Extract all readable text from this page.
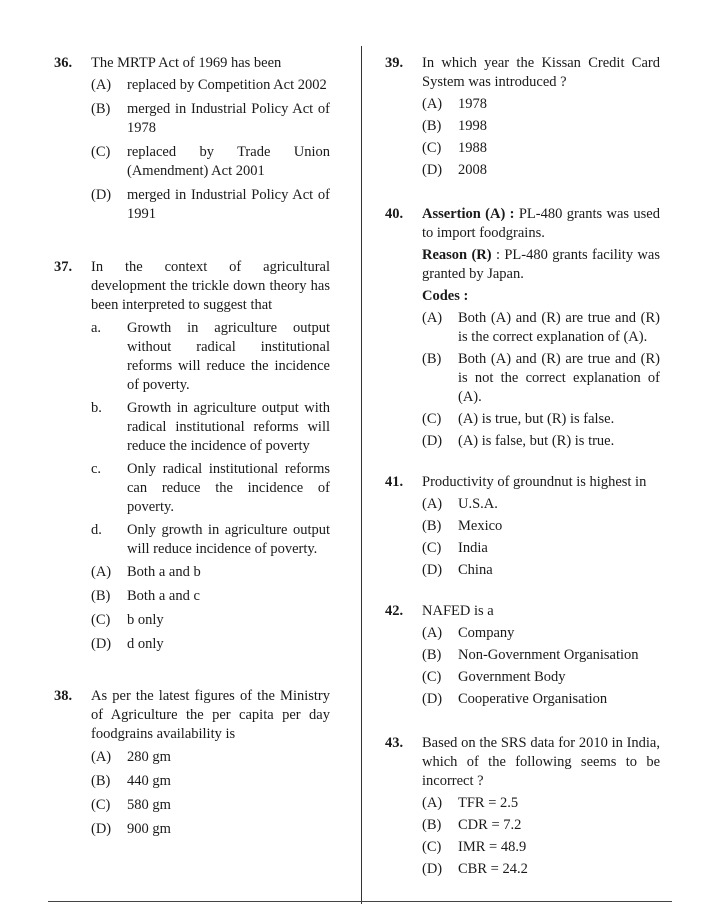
36. The MRTP Act of 1969 has been
(A)	replaced by Competition Act 2002
(B)	merged in Industrial Policy Act of 1978
(C)	replaced by Trade Union (Amendment) Act 2001
(D)	merged in Industrial Policy Act of 1991
37. In the context of agricultural development the trickle down theory has been interpreted to suggest that
a.	Growth in agriculture output without radical institutional reforms will reduce the incidence of poverty.
b.	Growth in agriculture output with radical institutional reforms will reduce the incidence of poverty
c.	Only radical institutional reforms can reduce the incidence of poverty.
d.	Only growth in agriculture output will reduce incidence of poverty.
(A)	Both a and b
(B)	Both a and c
(C)	b only
(D)	d only
38. As per the latest figures of the Ministry of Agriculture the per capita per day foodgrains availability is
(A)	280 gm
(B)	440 gm
(C)	580 gm
(D)	900 gm
39. In which year the Kissan Credit Card System was introduced ?
(A)	1978
(B)	1998
(C)	1988
(D)	2008
40. Assertion (A) : PL-480 grants was used to import foodgrains.
Reason (R) : PL-480 grants facility was granted by Japan.
Codes :
(A)	Both (A) and (R) are true and (R) is the correct explanation of (A).
(B)	Both (A) and (R) are true and (R) is not the correct explanation of (A).
(C)	(A) is true, but (R) is false.
(D)	(A) is false, but (R) is true.
41. Productivity of groundnut is highest in
(A)	U.S.A.
(B)	Mexico
(C)	India
(D)	China
42. NAFED is a
(A)	Company
(B)	Non-Government Organisation
(C)	Government Body
(D)	Cooperative Organisation
43. Based on the SRS data for 2010 in India, which of the following seems to be incorrect ?
(A)	TFR = 2.5
(B)	CDR = 7.2
(C)	IMR = 48.9
(D)	CBR = 24.2
